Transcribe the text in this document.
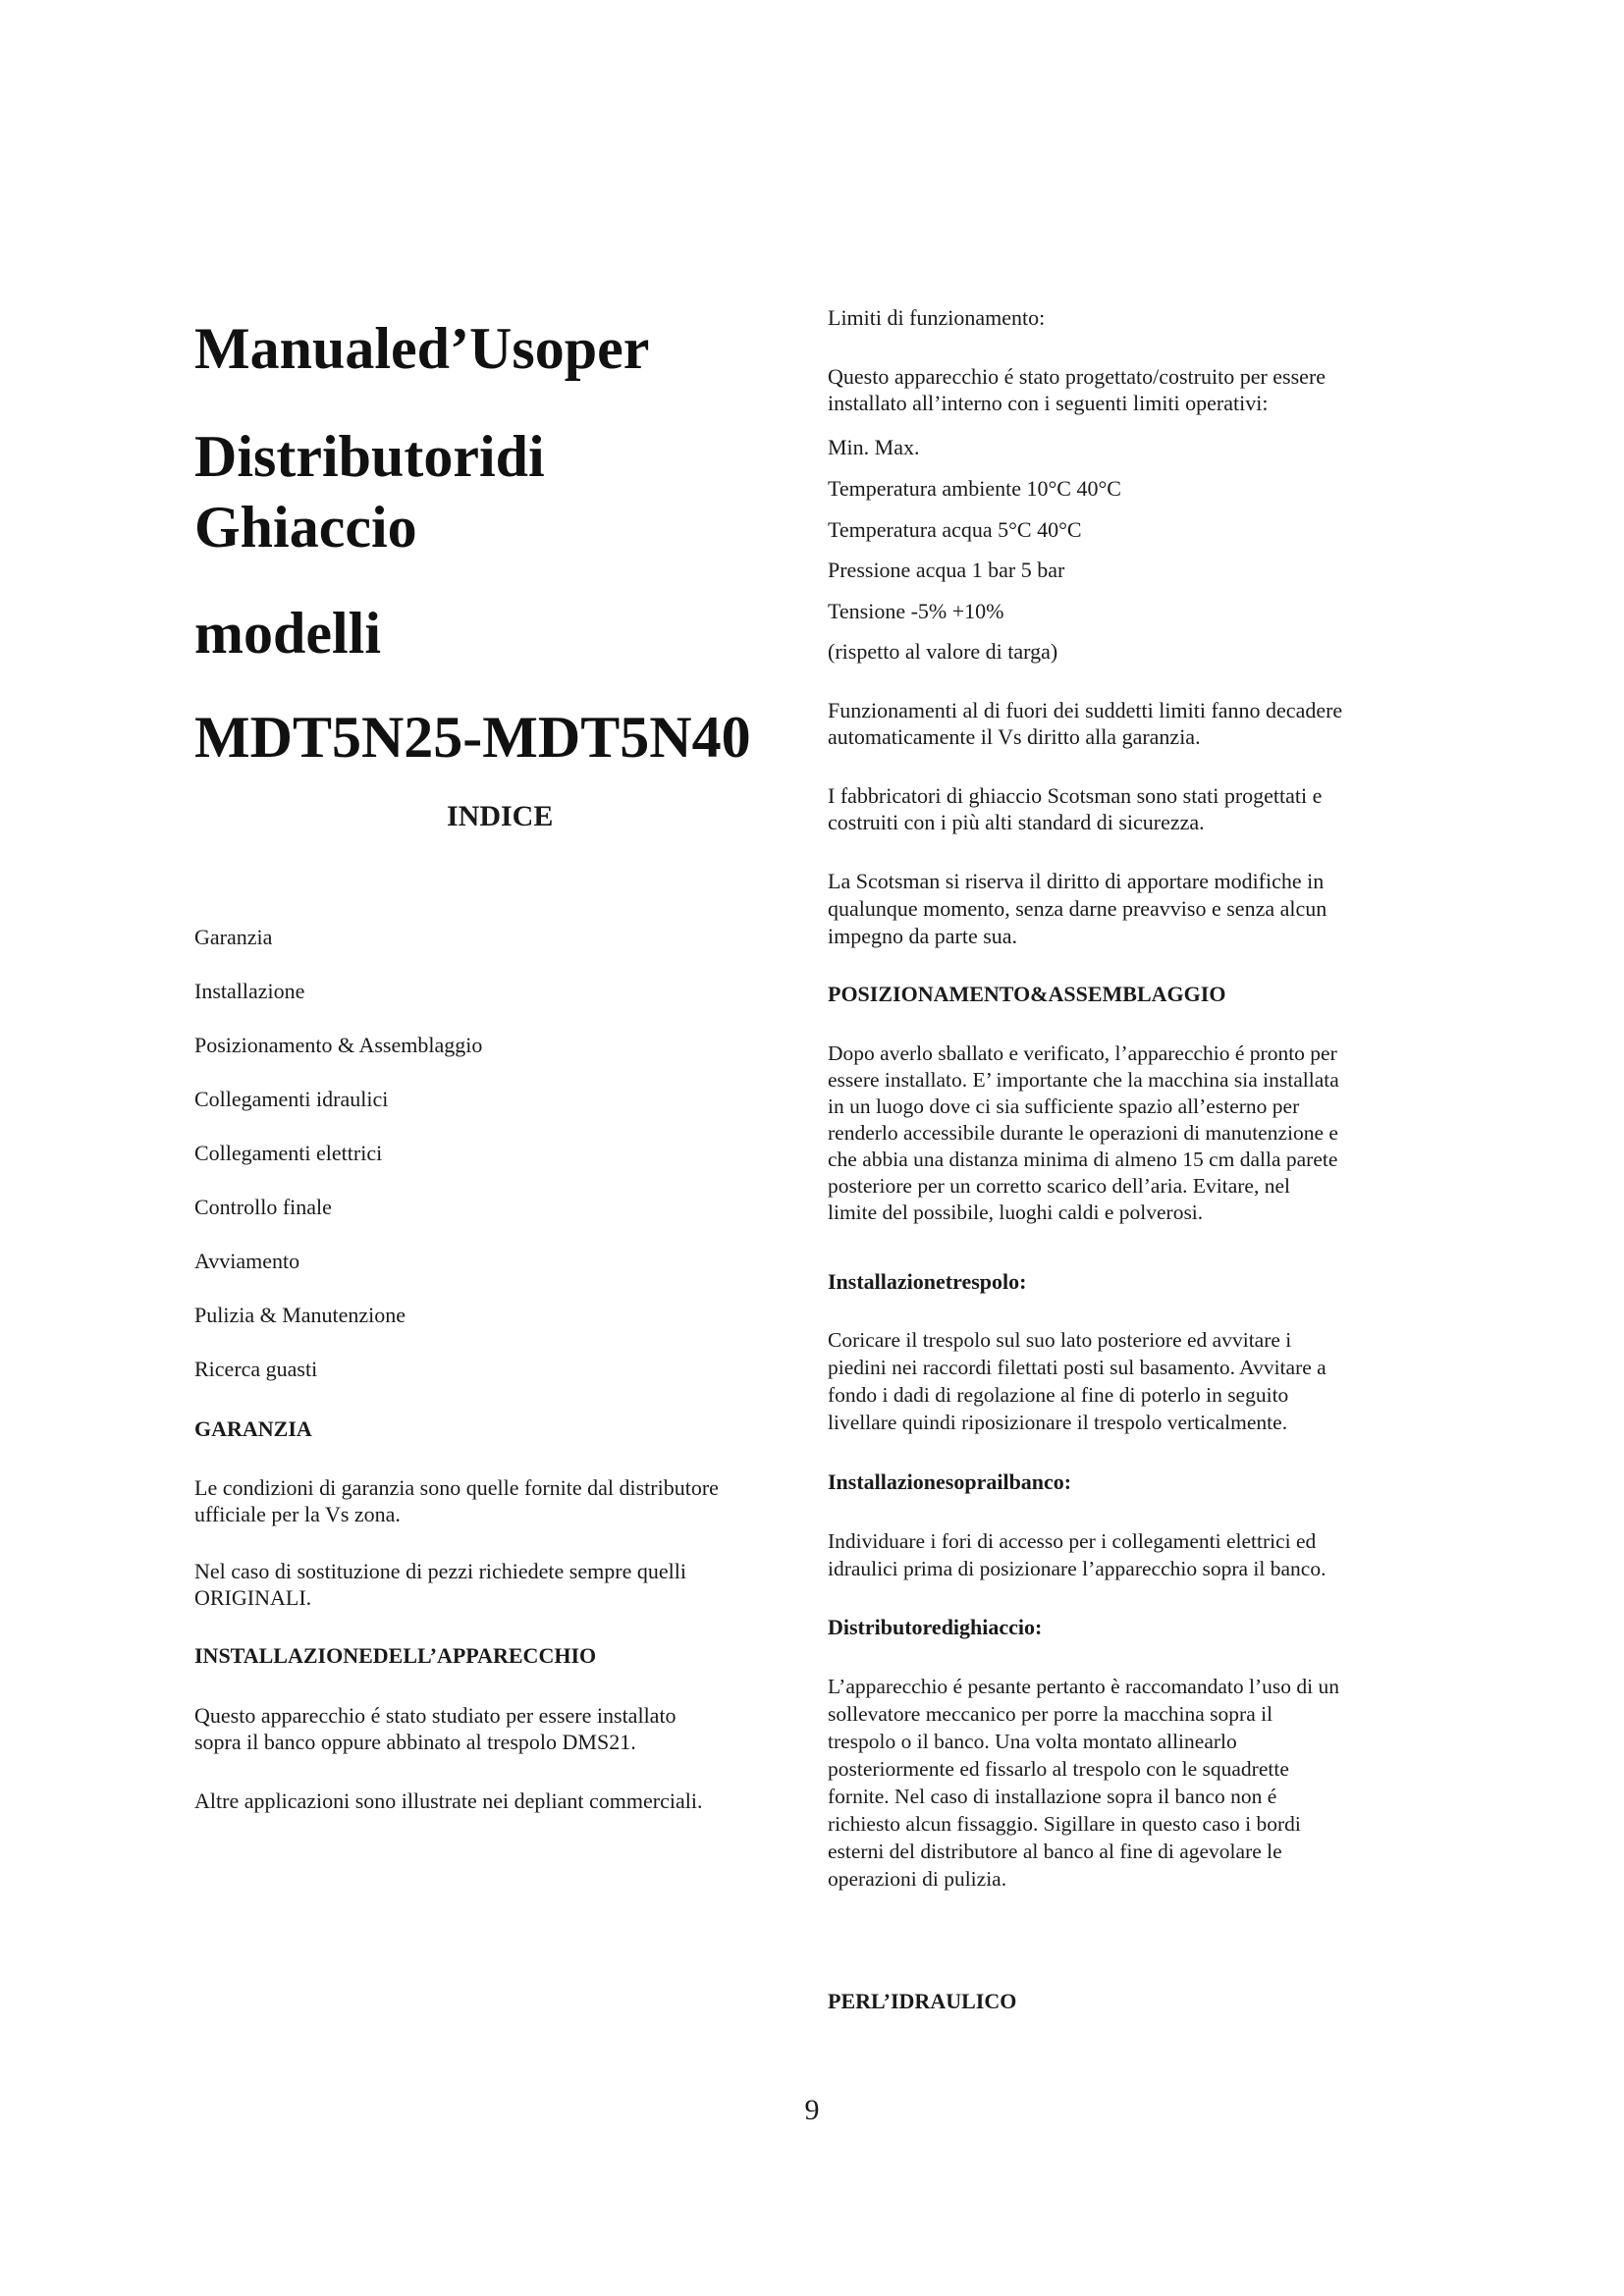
Manualed’Usoper
Distributoridi
Ghiaccio
modelli
MDT5N25-MDT5N40
INDICE
Garanzia
Installazione
Posizionamento & Assemblaggio
Collegamenti idraulici
Collegamenti elettrici
Controllo finale
Avviamento
Pulizia & Manutenzione
Ricerca guasti
GARANZIA
Le condizioni di garanzia sono quelle fornite dal distributore
ufficiale per la Vs zona.
Nel caso di sostituzione di pezzi richiedete sempre quelli
ORIGINALI.
INSTALLAZIONEDELL’APPARECCHIO
Questo apparecchio é stato studiato per essere installato
sopra il banco oppure abbinato al trespolo DMS21.
Altre applicazioni sono illustrate nei depliant commerciali.
Limiti di funzionamento:
Questo apparecchio é stato progettato/costruito per essere
installato all’interno con i seguenti limiti operativi:
Min. Max.
Temperatura ambiente 10°C 40°C
Temperatura acqua 5°C 40°C
Pressione acqua 1 bar 5 bar
Tensione -5% +10%
(rispetto al valore di targa)
Funzionamenti al di fuori dei suddetti limiti fanno decadere
automaticamente il Vs diritto alla garanzia.
I fabbricatori di ghiaccio Scotsman sono stati progettati e
costruiti con i più alti standard di sicurezza.
La Scotsman si riserva il diritto di apportare modifiche in
qualunque momento, senza darne preavviso e senza alcun
impegno da parte sua.
POSIZIONAMENTO&ASSEMBLAGGIO
Dopo averlo sballato e verificato, l’apparecchio é pronto per
essere installato. E’ importante che la macchina sia installata
in un luogo dove ci sia sufficiente spazio all’esterno per
renderlo accessibile durante le operazioni di manutenzione e
che abbia una distanza minima di almeno 15 cm dalla parete
posteriore per un corretto scarico dell’aria. Evitare, nel
limite del possibile, luoghi caldi e polverosi.
Installazionetrespolo:
Coricare il trespolo sul suo lato posteriore ed avvitare i
piedini nei raccordi filettati posti sul basamento. Avvitare a
fondo i dadi di regolazione al fine di poterlo in seguito
livellare quindi riposizionare il trespolo verticalmente.
Installazionesoprailbanco:
Individuare i fori di accesso per i collegamenti elettrici ed
idraulici prima di posizionare l’apparecchio sopra il banco.
Distributoredighiaccio:
L’apparecchio é pesante pertanto è raccomandato l’uso di un
sollevatore meccanico per porre la macchina sopra il
trespolo o il banco. Una volta montato allinearlo
posteriormente ed fissarlo al trespolo con le squadrette
fornite. Nel caso di installazione sopra il banco non é
richiesto alcun fissaggio. Sigillare in questo caso i bordi
esterni del distributore al banco al fine di agevolare le
operazioni di pulizia.
PERL’IDRAULICO
9
